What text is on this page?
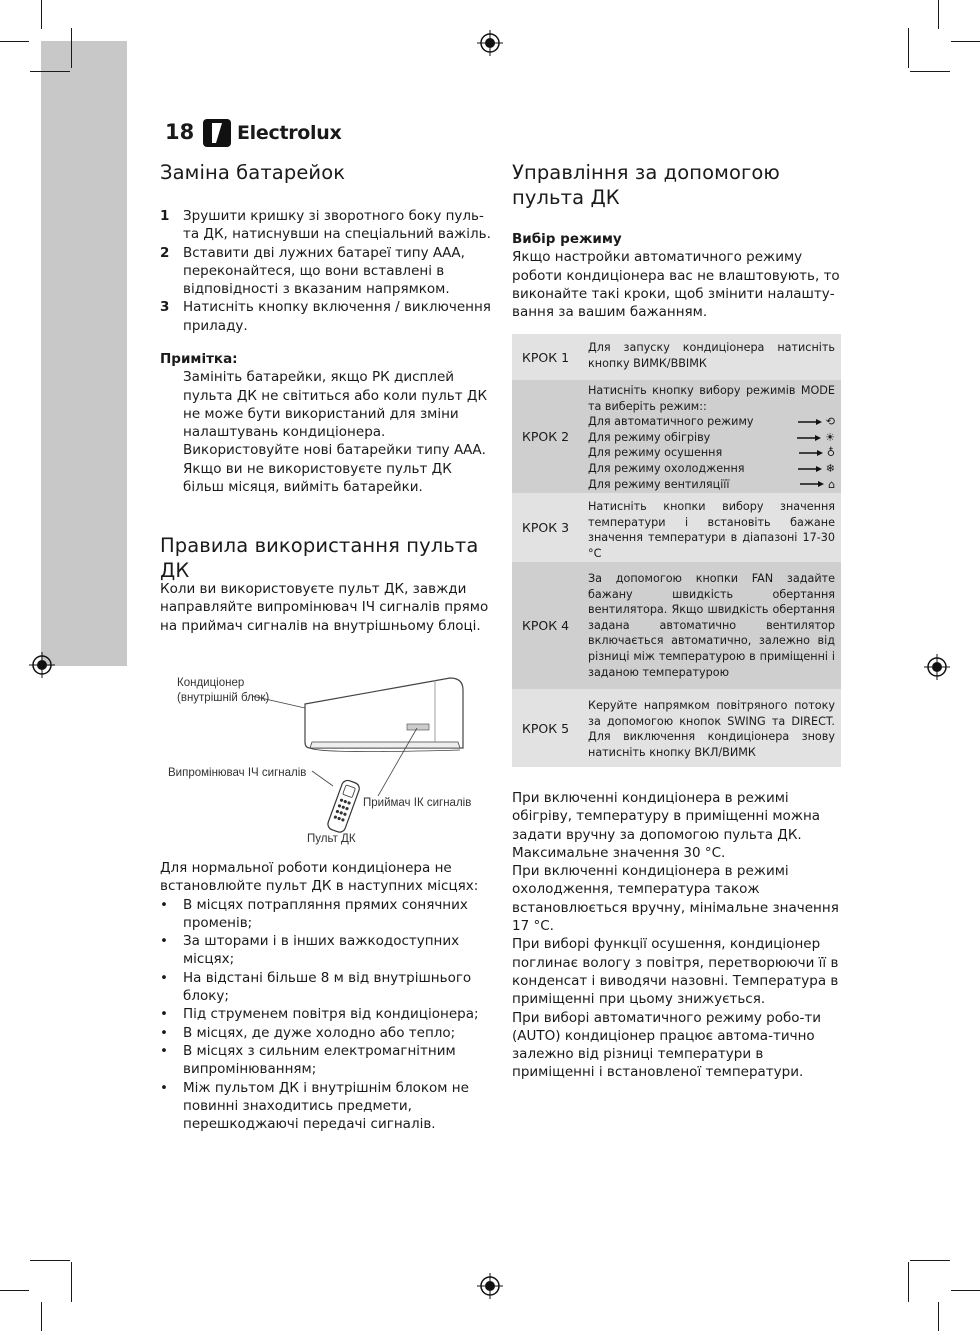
18 Electrolux
Заміна батарейок
1	Зрушити кришку зі зворотного боку пуль-та ДК, натиснувши на спеціальний важіль.
2	Вставити дві лужних батареї типу ААА, переконайтеся, що вони вставлені в відповідності з вказаним напрямком.
3	Натисніть кнопку включення / виключення приладу.
Примітка:
Замініть батарейки, якщо РК дисплей пульта ДК не світиться або коли пульт ДК не може бути використаний для зміни налаштувань кондиціонера. Використовуйте нові батарейки типу ААА. Якщо ви не використовуєте пульт ДК більш місяця, вийміть батарейки.
Правила використання пульта ДК
Коли ви використовуєте пульт ДК, завжди направляйте випромінювач ІЧ сигналів прямо на приймач сигналів на внутрішньому блоці.
Кондиціонер
(внутрішній блок)
Випромінювач ІЧ сигналів
Приймач ІК сигналів
Пульт ДК
Для нормальної роботи кондиціонера не встановлюйте пульт ДК в наступних місцях:
•	В місцях потрапляння прямих сонячних променів;
•	За шторами і в інших важкодоступних місцях;
•	На відстані більше 8 м від внутрішнього блоку;
•	Під струменем повітря від кондиціонера;
•	В місцях, де дуже холодно або тепло;
•	В місцях з сильним електромагнітним випромінюванням;
•	Між пультом ДК і внутрішнім блоком не повинні знаходитись предмети, перешкоджаючі передачі сигналів.
Управління за допомогою пульта ДК
Вибір режиму
Якщо настройки автоматичного режиму роботи кондиціонера вас не влаштовують, то виконайте такі кроки, щоб змінити налашту-вання за вашим бажанням.
КРОК 1
Для запуску кондиціонера натисніть кнопку ВИМК/ВВІМК
КРОК 2
Натисніть кнопку вибору режимів MODE та виберіть режим::
Для автоматичного режиму
	⟲
Для режиму обігріву
	☀
Для режиму осушення
	♁
Для режиму охолодження
	❄
Для режиму вентиляціїї
	⌂
КРОК 3
Натисніть кнопки вибору значення температури і встановіть бажане значення температури в діапазоні 17-30 °С
КРОК 4
За допомогою кнопки FAN задайте бажану швидкість обертання вентилятора. Якщо швидкість обертання задана автоматично вентилятор включається автоматично, залежно від різниці між температурою в приміщенні і заданою температурою
КРОК 5
Керуйте напрямком повітряного потоку за допомогою кнопок SWING та DIRECT. Для виключення кондиціонера знову натисніть кнопку ВКЛ/ВИМК
При включенні кондиціонера в режимі обігріву, температуру в приміщенні можна задати вручну за допомогою пульта ДК. Максимальне значення 30 °С.
При включенні кондиціонера в режимі охолодження, температура також встановлюється вручну, мінімальне значення 17 °С.
При виборі функції осушення, кондиціонер поглинає вологу з повітря, перетворюючи її в конденсат і виводячи назовні. Температура в приміщенні при цьому знижується.
При виборі автоматичного режиму робо-ти (AUTO) кондиціонер працює автома-тично залежно від різниці температури в приміщенні і встановленої температури.
